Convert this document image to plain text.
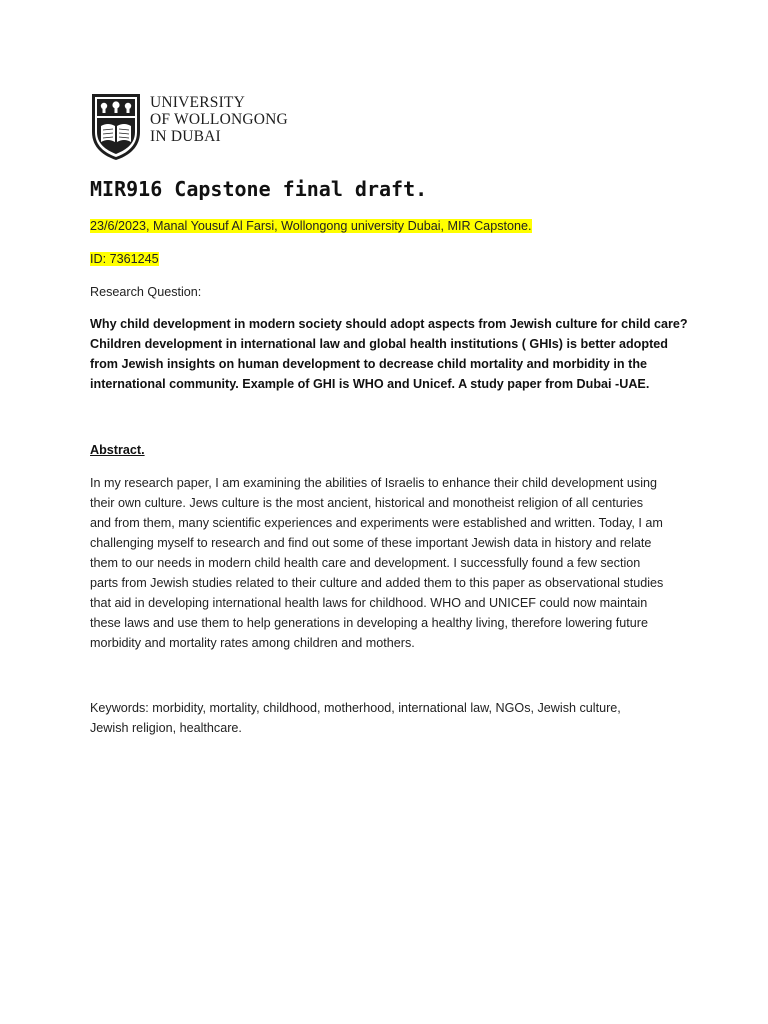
UNIVERSITY
OF WOLLONGONG
IN DUBAI
MIR916 Capstone final draft.
23/6/2023, Manal Yousuf Al Farsi, Wollongong university Dubai, MIR Capstone.
ID: 7361245
Research Question:
Why child development in modern society should adopt aspects from Jewish culture for child care?
Children development in international law and global health institutions ( GHIs) is better adopted
from Jewish insights on human development to decrease child mortality and morbidity in the
international community. Example of GHI is WHO and Unicef. A study paper from Dubai -UAE.
Abstract.
In my research paper, I am examining the abilities of Israelis to enhance their child development using
their own culture. Jews culture is the most ancient, historical and monotheist religion of all centuries
and from them, many scientific experiences and experiments were established and written. Today, I am
challenging myself to research and find out some of these important Jewish data in history and relate
them to our needs in modern child health care and development. I successfully found a few section
parts from Jewish studies related to their culture and added them to this paper as observational studies
that aid in developing international health laws for childhood. WHO and UNICEF could now maintain
these laws and use them to help generations in developing a healthy living, therefore lowering future
morbidity and mortality rates among children and mothers.
Keywords: morbidity, mortality, childhood, motherhood, international law, NGOs, Jewish culture,
Jewish religion, healthcare.
